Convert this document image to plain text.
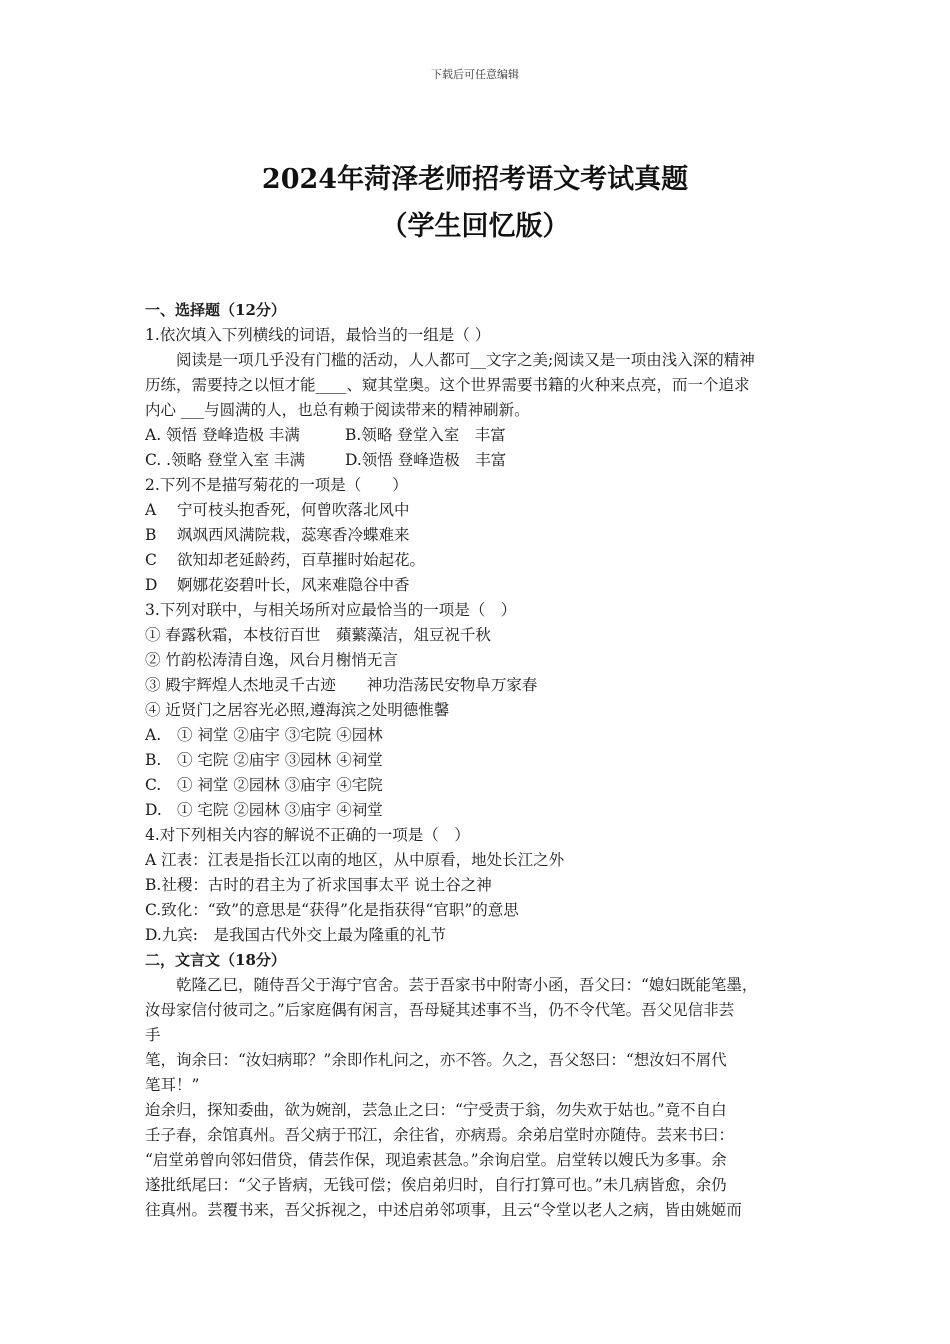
下载后可任意编辑
2024年菏泽老师招考语文考试真题
（学生回忆版）
一、选择题（12分）
1.依次填入下列横线的词语，最恰当的一组是（ ）
阅读是一项几乎没有门槛的活动，人人都可__文字之美;阅读又是一项由浅入深的精神
历练，需要持之以恒才能____、窥其堂奥。这个世界需要书籍的火种来点亮，而一个追求
内心 ___与圆满的人，也总有赖于阅读带来的精神刷新。
A. 领悟 登峰造极 丰满	B.领略 登堂入室　丰富
C. .领略 登堂入室 丰满	D.领悟 登峰造极　丰富
2.下列不是描写菊花的一项是（　　）
A 宁可枝头抱香死，何曾吹落北风中
B 飒飒西风满院栽，蕊寒香冷蝶难来
C 欲知却老延龄药，百草摧时始起花。
D 婀娜花姿碧叶长，风来难隐谷中香
3.下列对联中，与相关场所对应最恰当的一项是（　）
① 春露秋霜，本枝衍百世　蘋蘩藻洁，俎豆祝千秋
② 竹韵松涛清自逸，风台月榭悄无言
③ 殿宇辉煌人杰地灵千古迹　　神功浩荡民安物阜万家春
④ 近贤门之居容光必照,遵海滨之处明德惟馨
A. ① 祠堂 ②庙宇 ③宅院 ④园林
B. ① 宅院 ②庙宇 ③园林 ④祠堂
C. ① 祠堂 ②园林 ③庙宇 ④宅院
D. ① 宅院 ②园林 ③庙宇 ④祠堂
4.对下列相关内容的解说不正确的一项是（　）
A 江表：江表是指长江以南的地区，从中原看，地处长江之外
B.社稷：古时的君主为了祈求国事太平 说土谷之神
C.致化：“致”的意思是“获得”化是指获得“官职”的意思
D.九宾:　是我国古代外交上最为隆重的礼节
二，文言文（18分）
乾隆乙巳，随侍吾父于海宁官舍。芸于吾家书中附寄小函，吾父曰：“媳妇既能笔墨，
汝母家信付彼司之。”后家庭偶有闲言，吾母疑其述事不当，仍不令代笔。吾父见信非芸
手
笔，询余曰：“汝妇病耶？”余即作札问之，亦不答。久之，吾父怒曰：“想汝妇不屑代
笔耳！”
迨余归，探知委曲，欲为婉剖，芸急止之曰：“宁受责于翁，勿失欢于姑也。”竟不自白
壬子春，余馆真州。吾父病于邗江，余往省，亦病焉。余弟启堂时亦随侍。芸来书曰：
“启堂弟曾向邻妇借贷，倩芸作保，现追索甚急。”余询启堂。启堂转以嫂氏为多事。余
遂批纸尾曰：“父子皆病，无钱可偿；俟启弟归时，自行打算可也。”未几病皆愈，余仍
往真州。芸覆书来，吾父拆视之，中述启弟邻项事，且云“令堂以老人之病，皆由姚姬而
